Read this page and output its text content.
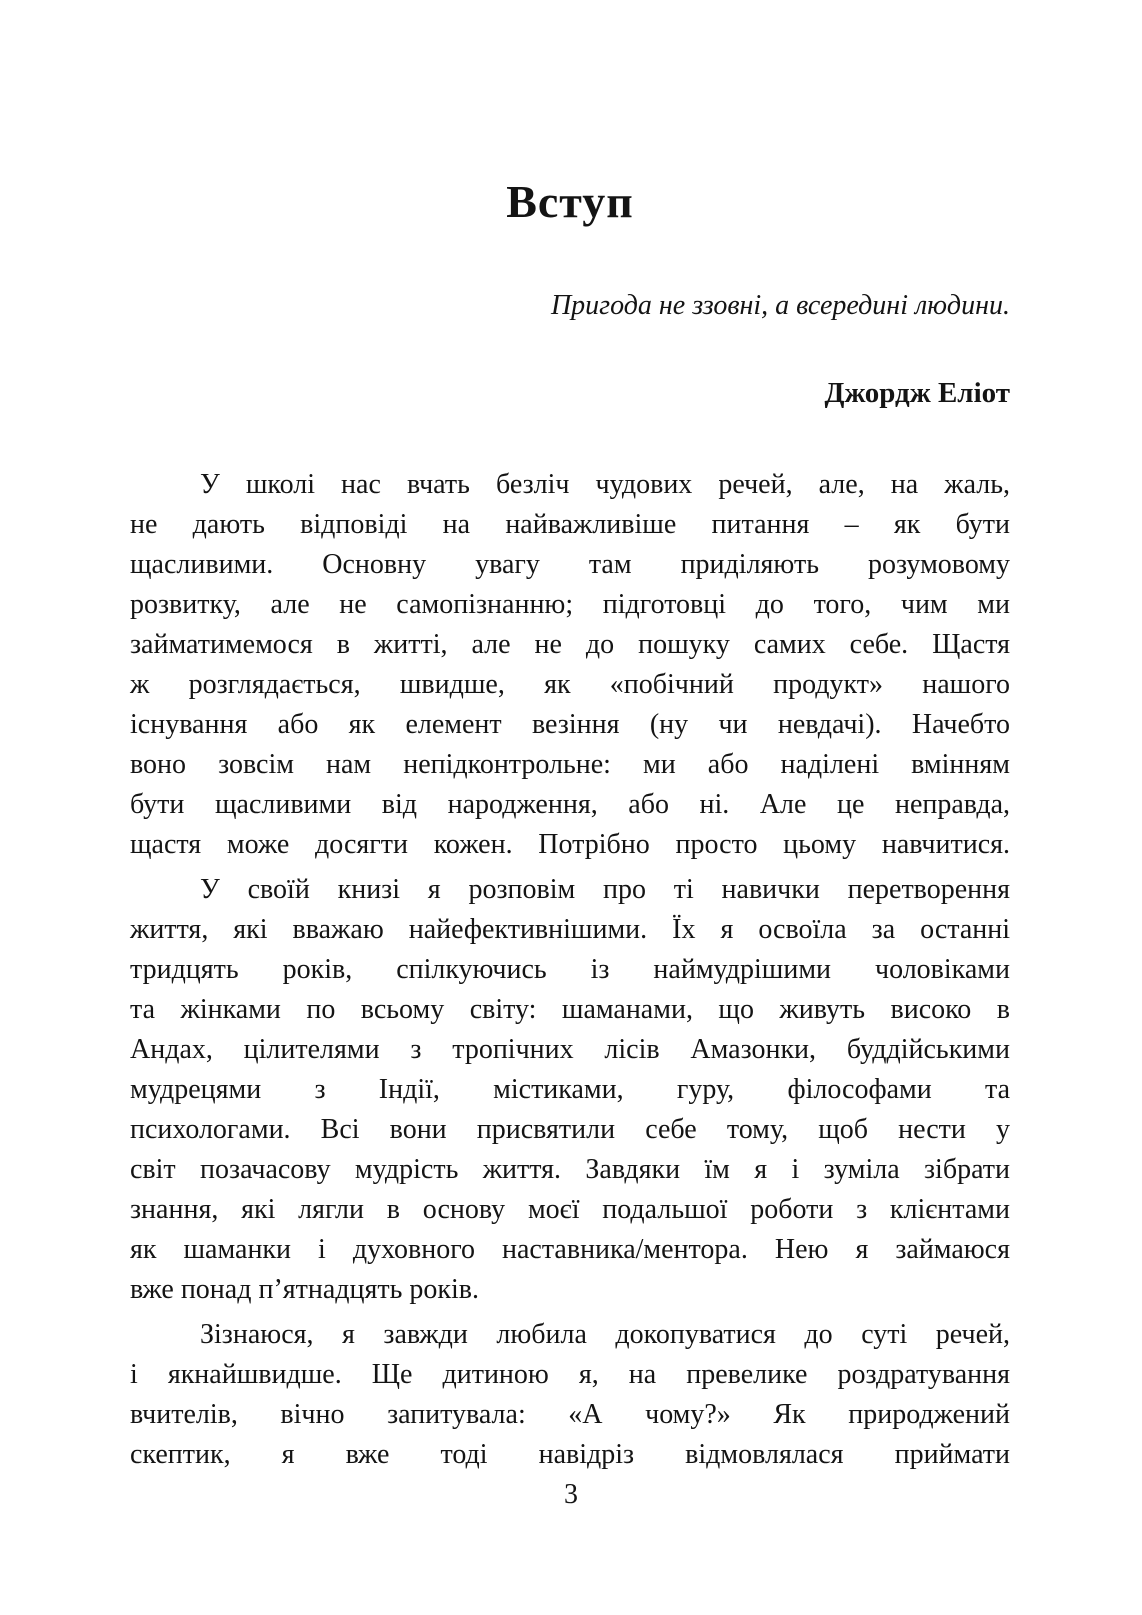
Вступ
Пригода не ззовні, а всередині людини.
Джордж Еліот

У школі нас вчать безліч чудових речей, але, на жаль,
не дають відповіді на найважливіше питання – як бути
щасливими. Основну увагу там приділяють розумовому
розвитку, але не самопізнанню; підготовці до того, чим ми
займатимемося в житті, але не до пошуку самих себе. Щастя
ж розглядається, швидше, як «побічний продукт» нашого
існування або як елемент везіння (ну чи невдачі). Начебто
воно зовсім нам непідконтрольне: ми або наділені вмінням
бути щасливими від народження, або ні. Але це неправда,
щастя може досягти кожен. Потрібно просто цьому навчитися.

У своїй книзі я розповім про ті навички перетворення
життя, які вважаю найефективнішими. Їх я освоїла за останні
тридцять років, спілкуючись із наймудрішими чоловіками
та жінками по всьому світу: шаманами, що живуть високо в
Андах, цілителями з тропічних лісів Амазонки, буддійськими
мудрецями з Індії, містиками, гуру, філософами та
психологами. Всі вони присвятили себе тому, щоб нести у
світ позачасову мудрість життя. Завдяки їм я і зуміла зібрати
знання, які лягли в основу моєї подальшої роботи з клієнтами
як шаманки і духовного наставника/ментора. Нею я займаюся
вже понад п’ятнадцять років.

Зізнаюся, я завжди любила докопуватися до суті речей,
і якнайшвидше. Ще дитиною я, на превелике роздратування
вчителів, вічно запитувала: «А чому?» Як природжений
скептик, я вже тоді навідріз відмовлялася приймати

3
